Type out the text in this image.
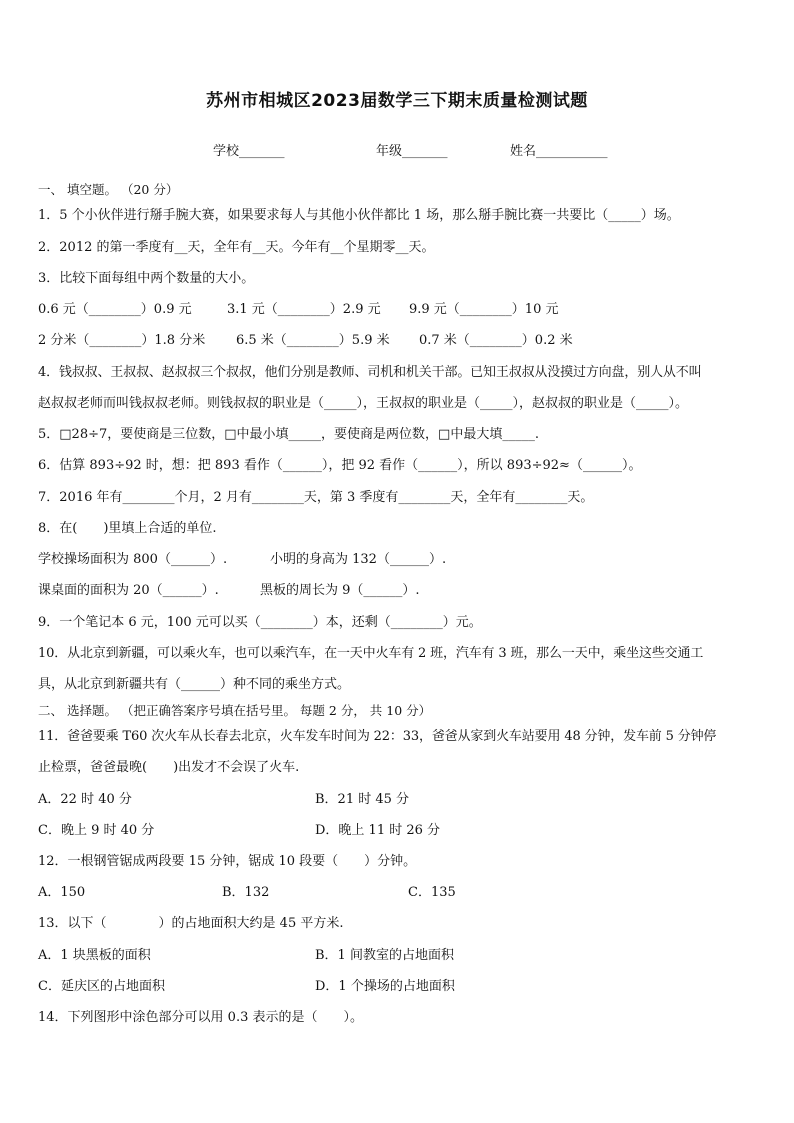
苏州市相城区2023届数学三下期末质量检测试题
学校_______	年级_______	姓名___________
一、 填空题。 （20 分）
1．5 个小伙伴进行掰手腕大赛，如果要求每人与其他小伙伴都比 1 场，那么掰手腕比赛一共要比（_____）场。
2．2012 的第一季度有__天，全年有__天。今年有__个星期零__天。
3．比较下面每组中两个数量的大小。
0.6 元（________）0.9 元	3.1 元（________）2.9 元 9.9 元（________）10 元
2 分米（________）1.8 分米 6.5 米（________）5.9 米 0.7 米（________）0.2 米
4．钱叔叔、王叔叔、赵叔叔三个叔叔，他们分别是教师、司机和机关干部。已知王叔叔从没摸过方向盘，别人从不叫
赵叔叔老师而叫钱叔叔老师。则钱叔叔的职业是（_____），王叔叔的职业是（_____），赵叔叔的职业是（_____）。
5．□28÷7，要使商是三位数，□中最小填_____，要使商是两位数，□中最大填_____.
6．估算 893÷92 时，想：把 893 看作（______），把 92 看作（______），所以 893÷92≈（______）。
7．2016 年有________个月，2 月有________天，第 3 季度有________天，全年有________天。
8．在(　　)里填上合适的单位.
学校操场面积为 800（______）.	小明的身高为 132（______）.
课桌面的面积为 20（______）.	黑板的周长为 9（______）.
9．一个笔记本 6 元，100 元可以买（________）本，还剩（________）元。
10．从北京到新疆，可以乘火车，也可以乘汽车，在一天中火车有 2 班，汽车有 3 班，那么一天中，乘坐这些交通工
具，从北京到新疆共有（______）种不同的乘坐方式。
二、 选择题。 （把正确答案序号填在括号里。 每题 2 分， 共 10 分）
11．爸爸要乘 T60 次火车从长春去北京，火车发车时间为 22：33，爸爸从家到火车站要用 48 分钟，发车前 5 分钟停
止检票，爸爸最晚(　　)出发才不会误了火车.
A．22 时 40 分	B．21 时 45 分
C．晚上 9 时 40 分	D．晚上 11 时 26 分
12．一根钢管锯成两段要 15 分钟，锯成 10 段要（　　）分钟。
A．150	B．132	C．135
13．以下（　　　　）的占地面积大约是 45 平方米.
A．1 块黑板的面积	B．1 间教室的占地面积
C．延庆区的占地面积	D．1 个操场的占地面积
14．下列图形中涂色部分可以用 0.3 表示的是（　　）。
